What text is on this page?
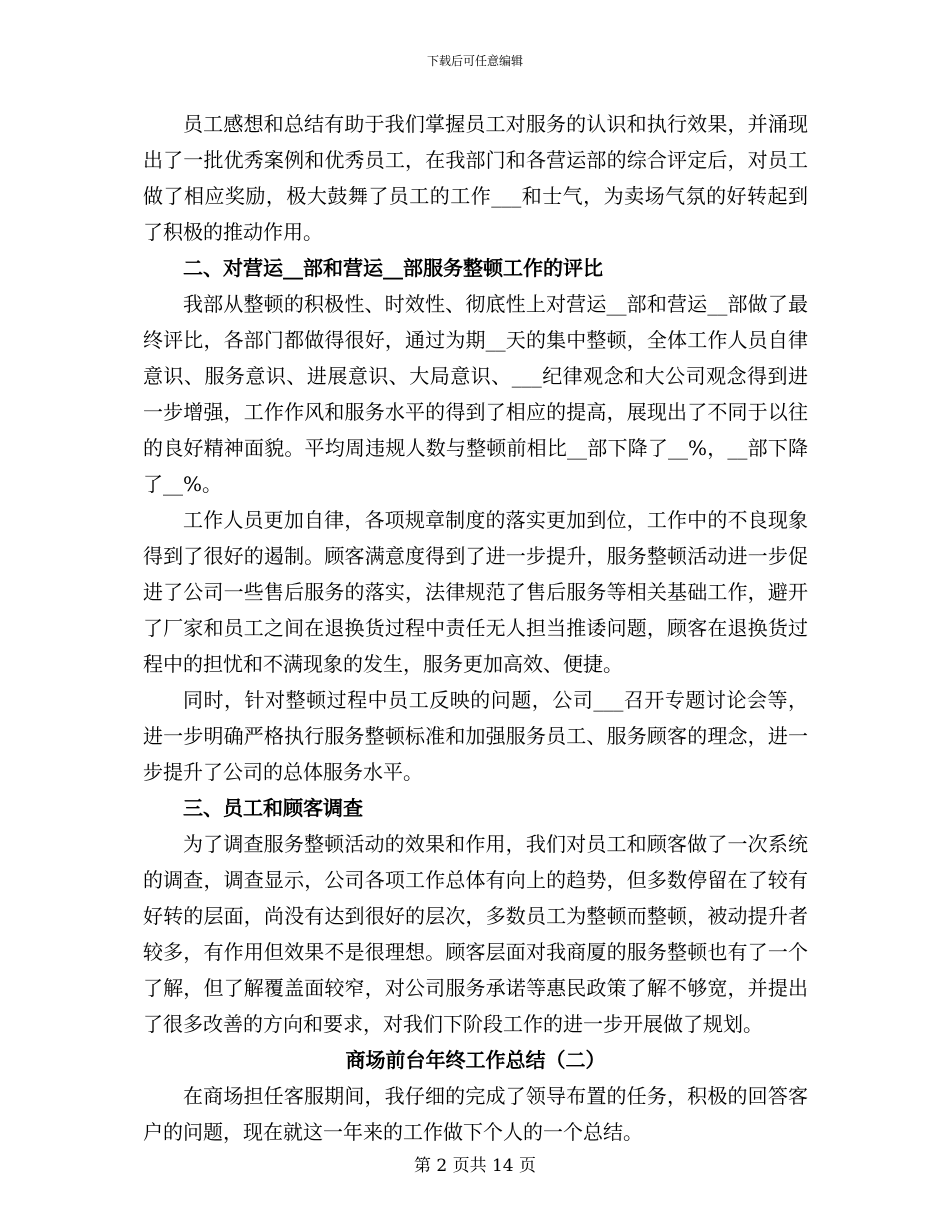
下载后可任意编辑

员工感想和总结有助于我们掌握员工对服务的认识和执行效果，并涌现出了一批优秀案例和优秀员工，在我部门和各营运部的综合评定后，对员工做了相应奖励，极大鼓舞了员工的工作___和士气，为卖场气氛的好转起到了积极的推动作用。

二、对营运__部和营运__部服务整顿工作的评比

我部从整顿的积极性、时效性、彻底性上对营运__部和营运__部做了最终评比，各部门都做得很好，通过为期__天的集中整顿，全体工作人员自律意识、服务意识、进展意识、大局意识、___纪律观念和大公司观念得到进一步增强，工作作风和服务水平的得到了相应的提高，展现出了不同于以往的良好精神面貌。平均周违规人数与整顿前相比__部下降了__%，__部下降了__%。

工作人员更加自律，各项规章制度的落实更加到位，工作中的不良现象得到了很好的遏制。顾客满意度得到了进一步提升，服务整顿活动进一步促进了公司一些售后服务的落实，法律规范了售后服务等相关基础工作，避开了厂家和员工之间在退换货过程中责任无人担当推诿问题，顾客在退换货过程中的担忧和不满现象的发生，服务更加高效、便捷。

同时，针对整顿过程中员工反映的问题，公司___召开专题讨论会等，进一步明确严格执行服务整顿标准和加强服务员工、服务顾客的理念，进一步提升了公司的总体服务水平。

三、员工和顾客调查

为了调查服务整顿活动的效果和作用，我们对员工和顾客做了一次系统的调查，调查显示，公司各项工作总体有向上的趋势，但多数停留在了较有好转的层面，尚没有达到很好的层次，多数员工为整顿而整顿，被动提升者较多，有作用但效果不是很理想。顾客层面对我商厦的服务整顿也有了一个了解，但了解覆盖面较窄，对公司服务承诺等惠民政策了解不够宽，并提出了很多改善的方向和要求，对我们下阶段工作的进一步开展做了规划。

商场前台年终工作总结（二）

在商场担任客服期间，我仔细的完成了领导布置的任务，积极的回答客户的问题，现在就这一年来的工作做下个人的一个总结。

第 2 页共 14 页
